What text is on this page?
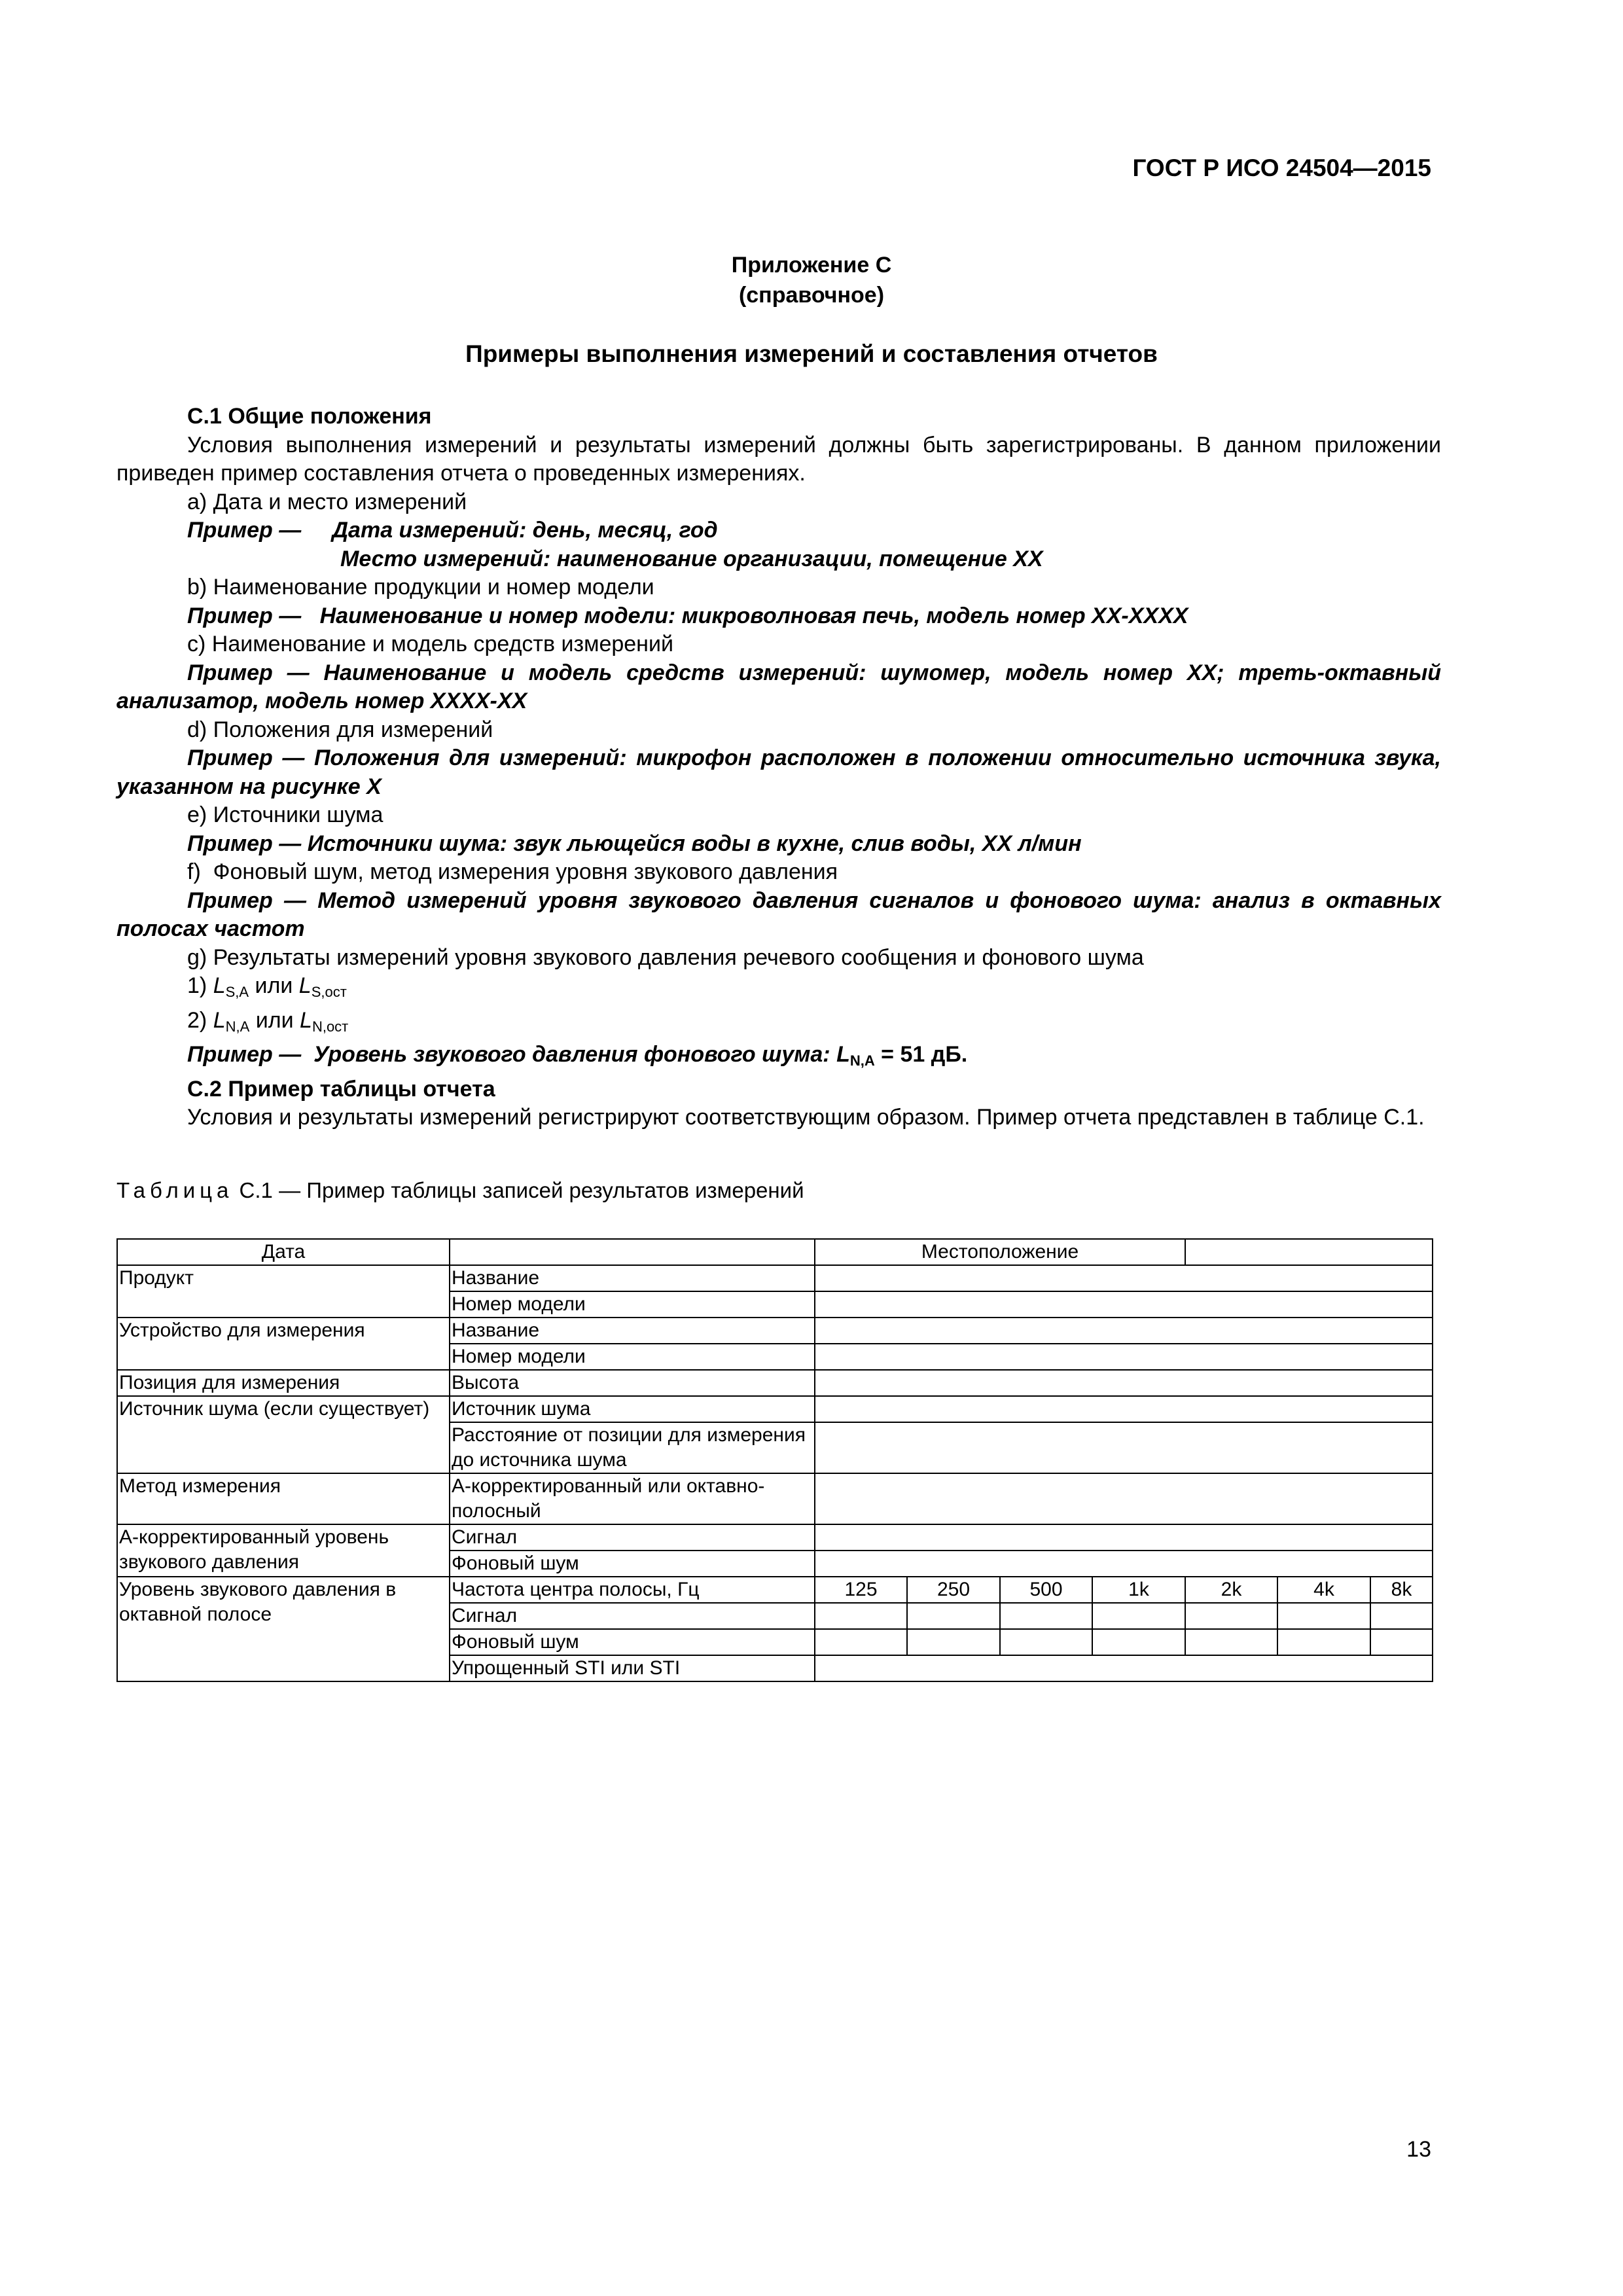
ГОСТ Р ИСО 24504—2015
Приложение C
(справочное)
Примеры выполнения измерений и составления отчетов

C.1 Общие положения

Условия выполнения измерений и результаты измерений должны быть зарегистрированы. В данном приложении приведен пример составления отчета о проведенных измерениях.

a) Дата и место измерений

Пример —     Дата измерений: день, месяц, год

Место измерений: наименование организации, помещение ХХ

b) Наименование продукции и номер модели

Пример —   Наименование и номер модели: микроволновая печь, модель номер XX-XXXX

c) Наименование и модель средств измерений

Пример — Наименование и модель средств измерений: шумомер, модель номер XX; треть-октавный анализатор, модель номер XXXX-XX

d) Положения для измерений

Пример — Положения для измерений: микрофон расположен в положении относительно источника звука, указанном на рисунке X

e) Источники шума

Пример — Источники шума: звук льющейся воды в кухне, слив воды, XX л/мин

f)  Фоновый шум, метод измерения уровня звукового давления

Пример — Метод измерений уровня звукового давления сигналов и фонового шума: анализ в октавных полосах частот

g) Результаты измерений уровня звукового давления речевого сообщения и фонового шума

1) $L_{S,A}$ или $L_{S,ост}$

2) $L_{N,A}$ или $L_{N,ост}$

Пример —  Уровень звукового давления фонового шума: $L_{N,A} = 51$ дБ.

C.2 Пример таблицы отчета

Условия и результаты измерений регистрируют соответствующим образом. Пример отчета представлен в таблице C.1.

Таблица C.1 — Пример таблицы записей результатов измерений
Дата		Местоположение						
Продукт	Название							
	Номер модели							
Устройство для измерения	Название							
	Номер модели							
Позиция для измерения	Высота							
Источник шума (если существует)	Источник шума							
	Расстояние от позиции для измерения до источника шума							
Метод измерения	A-корректированный или октавно-полосный							
A-корректированный уровень звукового давления	Сигнал							
	Фоновый шум							
Уровень звукового давления в октавной полосе	Частота центра полосы, Гц	125	250	500	1k	2k	4k	8k
	Сигнал							
	Фоновый шум							
	Упрощенный STI или STI							
13
